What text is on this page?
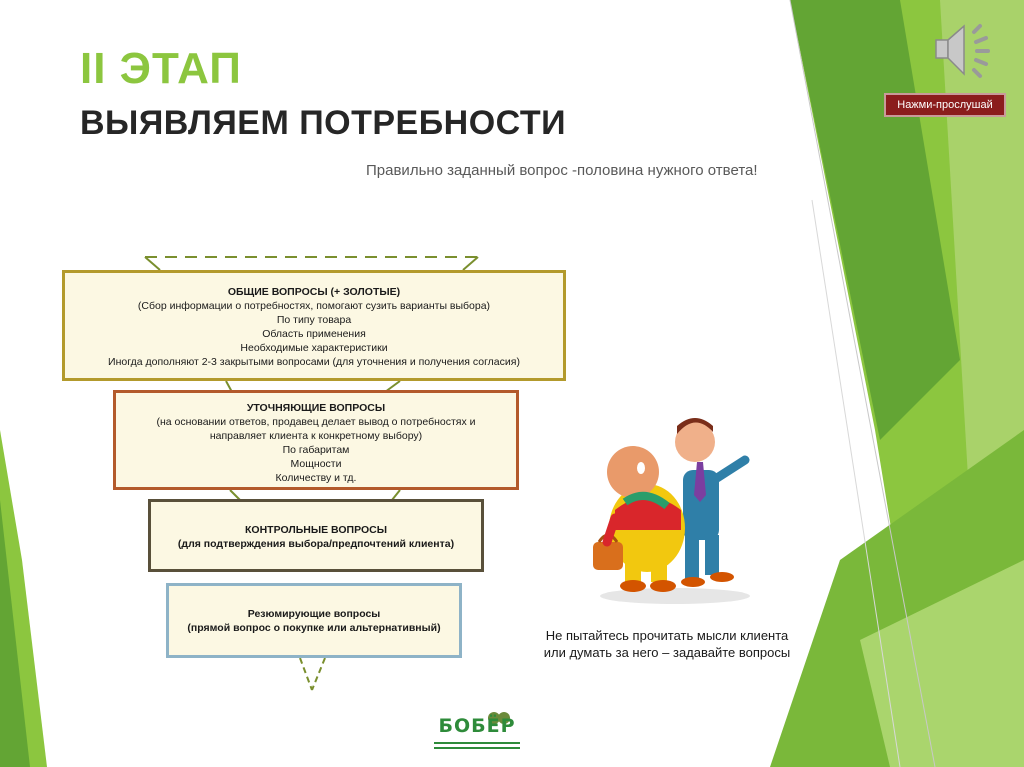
II ЭТАП
ВЫЯВЛЯЕМ ПОТРЕБНОСТИ
Правильно заданный вопрос -половина нужного ответа!
Нажми-прослушай
ОБЩИЕ ВОПРОСЫ (+ ЗОЛОТЫЕ)
(Сбор информации о потребностях, помогают сузить варианты выбора)
По типу товара
Область применения
Необходимые характеристики
Иногда дополняют 2-3 закрытыми вопросами (для уточнения и получения согласия)
УТОЧНЯЮЩИЕ ВОПРОСЫ
(на основании ответов, продавец делает вывод о потребностях и
направляет клиента к конкретному выбору)
По габаритам
Мощности
Количеству и тд.
КОНТРОЛЬНЫЕ ВОПРОСЫ
(для подтверждения выбора/предпочтений клиента)
Резюмирующие вопросы
(прямой вопрос о покупке или альтернативный)	Не пытайтесь прочитать мысли клиента
или думать за него – задавайте вопросы
БОБЁР
